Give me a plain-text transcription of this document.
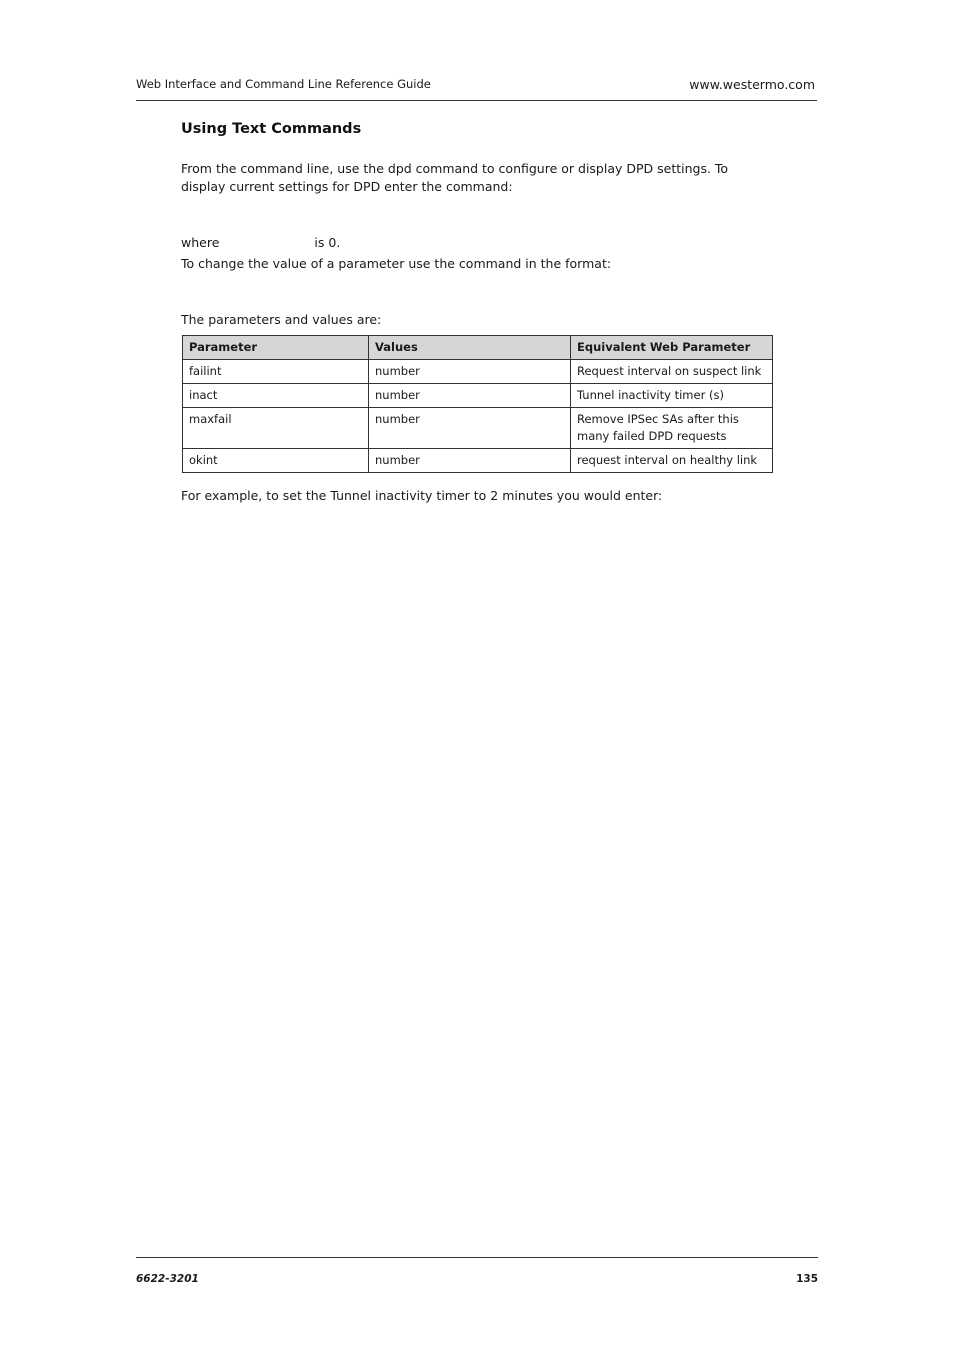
Web Interface and Command Line Reference Guide	www.westermo.com
Using Text Commands

From the command line, use the dpd command to configure or display DPD settings. To display current settings for DPD enter the command:

where	is 0.

To change the value of a parameter use the command in the format:

The parameters and values are:

For example, to set the Tunnel inactivity timer to 2 minutes you would enter:

Parameter	Values	Equivalent Web Parameter
failint	number	Request interval on suspect link
inact	number	Tunnel inactivity timer (s)
maxfail	number	Remove IPSec SAs after this many failed DPD requests
okint	number	request interval on healthy link
6622-3201	135
